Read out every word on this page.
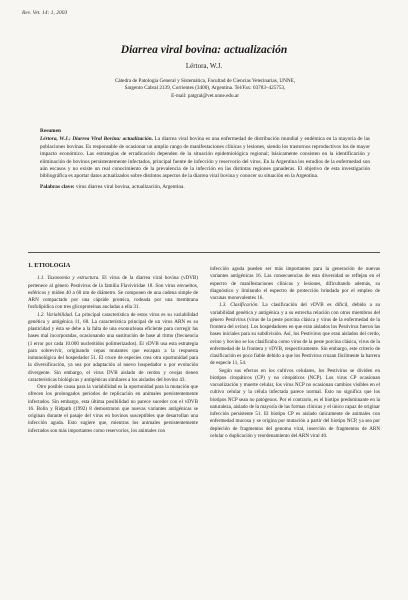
Rev. Vet. 14: 1, 2003
Diarrea viral bovina: actualización
Lértora, W.J.
Cátedra de Patología General y Sistemática, Facultad de Ciencias Veterinarias, UNNE,
Sargento Cabral 2139, Corrientes (3400), Argentina. Tel/Fax: 03783–425753,
E-mail: patgral@vet.unne.edu.ar
Resumen
Lértora, W.J.: Diarrea Viral Bovina: actualización. La diarrea viral bovina es una enfermedad de distribución mundial y endémica en la mayoría de las poblaciones bovinas. Es responsable de ocasionar un amplio rango de manifestaciones clínicas y lesiones, siendo los trastornos reproductivos los de mayor impacto económico. Las estrategias de erradicación dependen de la situación epidemiológica regional; básicamente consisten en la identificación y eliminación de bovinos persistentemente infectados, principal fuente de infección y reservorio del virus. En la Argentina los estudios de la enfermedad son aún escasos y no existe un real conocimiento de la prevalencia de la infección en las distintas regiones ganaderas. El objetivo de esta investigación bibliográfica es aportar datos actualizados sobre distintos aspectos de la diarrea viral bovina y conocer su situación en la Argentina.
Palabras clave: virus diarrea viral bovina, actualización, Argentina.
1. ETIOLOGÍA

1.1. Taxonomía y estructura. El virus de la diarrea viral bovina (vDVB) pertenece al género Pestivirus de la familia Flaviviridae 18. Son virus envueltos, esféricos y miden 40 a 60 nm de diámetro. Se componen de una cadena simple de ARN compactado por una cápside proteica, rodeada por una membrana fosfolipídica con tres glicoproteínas ancladas a ella 31.

1.2. Variabilidad. La principal característica de estos virus es su variabilidad genética y antigénica 11, 68. La característica principal de un virus ARN es su plasticidad y ésta se debe a la falta de una exonucleasa eficiente para corregir las bases mal incorporadas, ocasionando una sustitución de base al ritmo (frecuencia (1 error por cada 10.000 nucleótidos polimerizados). El vDVB usa esta estrategia para sobrevivir, originando cepas mutantes que escapan a la respuesta inmunológica del hospedador 51. El cruce de especies crea otra oportunidad para la diversificación, ya sea por adaptación al nuevo hospedador o por evolución divergente. Sin embargo, el virus DVB aislado de cerdos y ovejas tienen características biológicas y antigénicas similares a los aislados del bovino 43.

Otro posible causa para la variabilidad es la oportunidad para la mutación que ofrecen los prolongados períodos de replicación en animales persistentemente infectados. Sin embargo, esta última posibilidad no parece suceder con el vDVB 16. Bolin y Ridpath (1992) 8 demostraron que nuevas variantes antigénicas se originan durante el pasaje del virus en bovinos susceptibles que desarrollan una infección aguda. Esto sugiere que, mientras los animales persistentemente infectados son más importantes como reservorios, los animales con

infección aguda pueden ser más importantes para la generación de nuevas variantes antigénicas 16. Las consecuencias de esta diversidad se reflejan en el espectro de manifestaciones clínicas y lesiones, dificultando además, su diagnóstico y limitando el espectro de protección brindada por el empleo de vacunas monovalentes 16.

1.3. Clasificación. La clasificación del vDVB es difícil, debido a su variabilidad genética y antigénica y a su estrecha relación con otros miembros del género Pestivirus (virus de la peste porcina clásica y virus de la enfermedad de la frontera del ovino). Los hospedadores en que eran aislados los Pestivirus fueron las bases iniciales para su subdivisión. Así, los Pestivirus que eran aislados del cerdo, ovino y bovino se los clasificaba como virus de la peste porcina clásica, virus de la enfermedad de la frontera y vDVB, respectivamente. Sin embargo, este criterio de clasificación es poco fiable debido a que los Pestivirus cruzan fácilmente la barrera de especie 11, 54.

Según sus efectos en los cultivos celulares, los Pestivirus se dividen en biotipos citopáticos (CP) y no citopáticos (NCP). Los virus CP ocasionan vacuolización y muerte celular, los virus NCP no ocasionan cambios visibles en el cultivo celular y la célula infectada parece normal. Esto no significa que los biotipos NCP sean no patógenos. Por el contrario, es el biotipo predominante en la naturaleza, aislado de la mayoría de las formas clínicas y el único capaz de originar infección persistente 51. El biotipo CP es aislado únicamente de animales con enfermedad mucosa y se origina por mutación a partir del biotipo NCP, ya sea por depleción de fragmentos del genoma viral, inserción de fragmentos de ARN celular o duplicación y reordenamiento del ARN viral 40.
